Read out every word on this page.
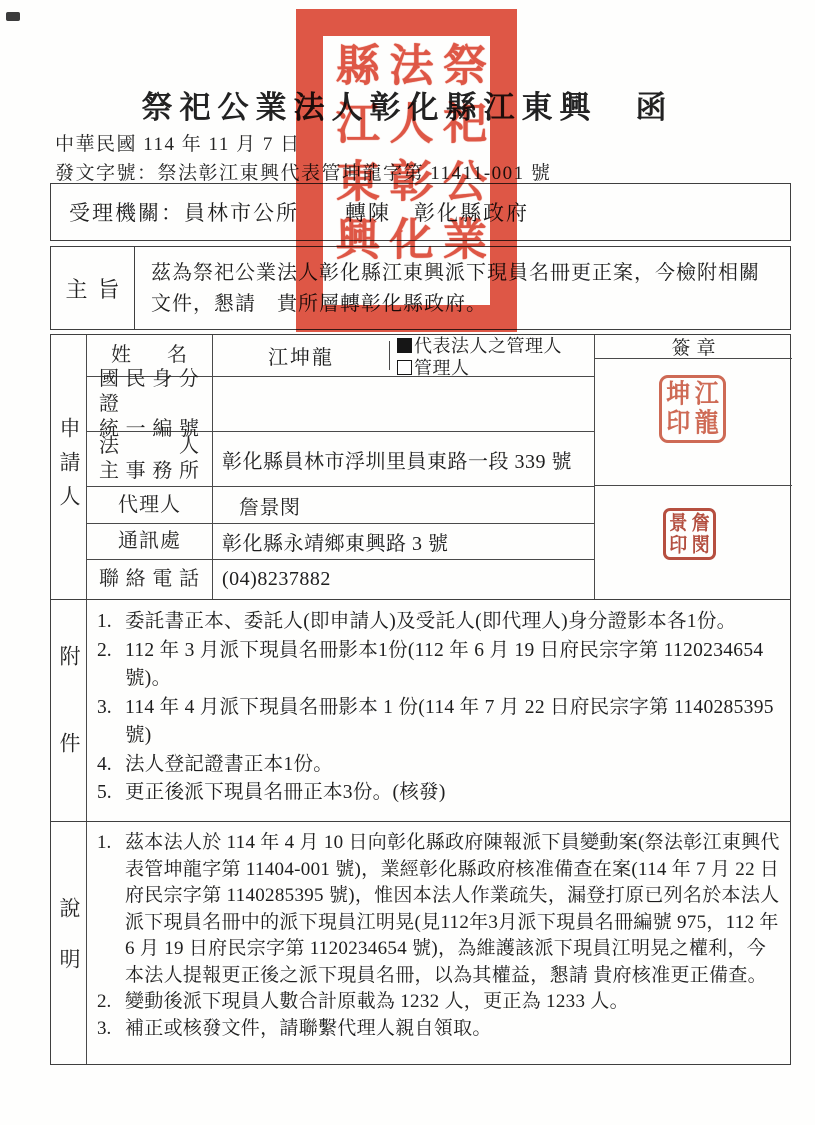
祭祀公業法人彰化縣江東興　函
中華民國 114 年 11 月 7 日
發文字號：祭法彰江東興代表管坤龍字第 11411-001 號
受理機關：員林市公所　　轉陳　彰化縣政府
主旨
茲為祭祀公業法人彰化縣江東興派下現員名冊更正案，今檢附相關文件，懇請　貴所層轉彰化縣政府。
申請人
附件
說明
姓名	江坤龍
代表法人之管理人
管理人
國民身分證
統一編號
法人
主事務所	彰化縣員林市浮圳里員東路一段 339 號
代理人	詹景閔
通訊處	彰化縣永靖鄉東興路 3 號
聯絡電話	(04)8237882
簽章
江
坤
龍
印
詹
景
閔
印
1. 委託書正本、委託人(即申請人)及受託人(即代理人)身分證影本各1份。
2. 112 年 3 月派下現員名冊影本1份(112 年 6 月 19 日府民宗字第 1120234654 號)。
3. 114 年 4 月派下現員名冊影本 1 份(114 年 7 月 22 日府民宗字第 1140285395 號)
4. 法人登記證書正本1份。
5. 更正後派下現員名冊正本3份。(核發)
1. 茲本法人於 114 年 4 月 10 日向彰化縣政府陳報派下員變動案(祭法彰江東興代表管坤龍字第 11404-001 號)，業經彰化縣政府核准備查在案(114 年 7 月 22 日府民宗字第 1140285395 號)，惟因本法人作業疏失，漏登打原已列名於本法人派下現員名冊中的派下現員江明晃(見112年3月派下現員名冊編號 975，112 年 6 月 19 日府民宗字第 1120234654 號)，為維護該派下現員江明晃之權利，今本法人提報更正後之派下現員名冊，以為其權益，懇請 貴府核准更正備查。
2. 變動後派下現員人數合計原載為 1232 人，更正為 1233 人。
3. 補正或核發文件，請聯繫代理人親自領取。
祭祀公業
法人彰化
縣江東興
